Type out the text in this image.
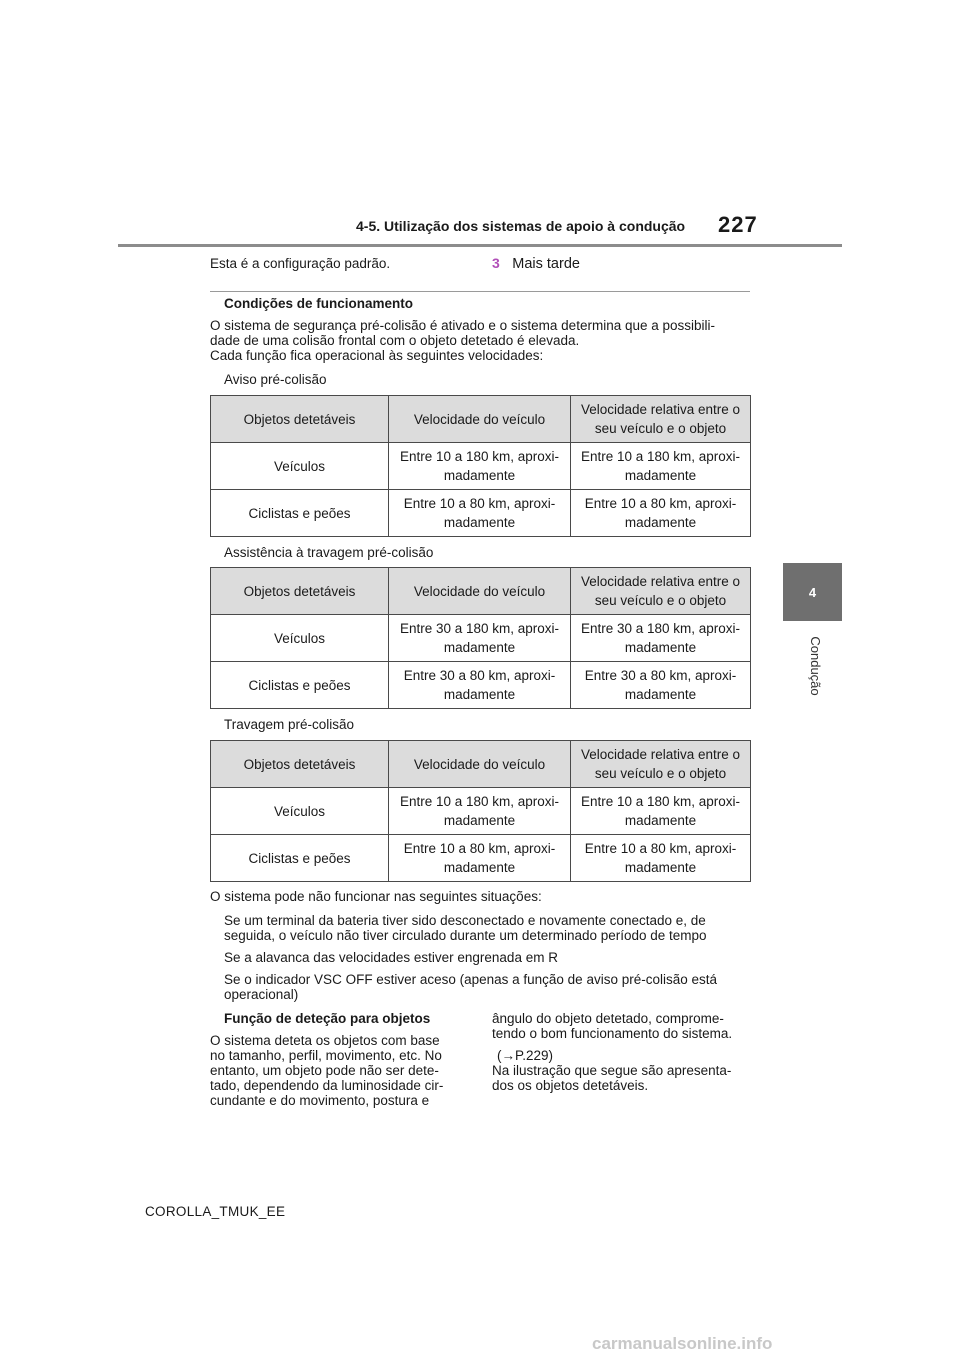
4-5. Utilização dos sistemas de apoio à condução 227
4
Condução
Esta é a configuração padrão.	3 Mais tarde
Condições de funcionamento
O sistema de segurança pré-colisão é ativado e o sistema determina que a possibili-
dade de uma colisão frontal com o objeto detetado é elevada.
Cada função fica operacional às seguintes velocidades:
Aviso pré-colisão
Objetos detetáveis	Velocidade do veículo	Velocidade relativa entre o seu veículo e o objeto
Veículos	Entre 10 a 180 km, aproxi-madamente	Entre 10 a 180 km, aproxi-madamente
Ciclistas e peões	Entre 10 a 80 km, aproxi-madamente	Entre 10 a 80 km, aproxi-madamente
Assistência à travagem pré-colisão
Objetos detetáveis	Velocidade do veículo	Velocidade relativa entre o seu veículo e o objeto
Veículos	Entre 30 a 180 km, aproxi-madamente	Entre 30 a 180 km, aproxi-madamente
Ciclistas e peões	Entre 30 a 80 km, aproxi-madamente	Entre 30 a 80 km, aproxi-madamente
Travagem pré-colisão
Objetos detetáveis	Velocidade do veículo	Velocidade relativa entre o seu veículo e o objeto
Veículos	Entre 10 a 180 km, aproxi-madamente	Entre 10 a 180 km, aproxi-madamente
Ciclistas e peões	Entre 10 a 80 km, aproxi-madamente	Entre 10 a 80 km, aproxi-madamente
O sistema pode não funcionar nas seguintes situações:
Se um terminal da bateria tiver sido desconectado e novamente conectado e, de
seguida, o veículo não tiver circulado durante um determinado período de tempo
Se a alavanca das velocidades estiver engrenada em R
Se o indicador VSC OFF estiver aceso (apenas a função de aviso pré-colisão está
operacional)
Função de deteção para objetos
O sistema deteta os objetos com base
no tamanho, perfil, movimento, etc. No
entanto, um objeto pode não ser dete-
tado, dependendo da luminosidade cir-
cundante e do movimento, postura e
ângulo do objeto detetado, comprome-
tendo o bom funcionamento do sistema.
(→P.229)
Na ilustração que segue são apresenta-
dos os objetos detetáveis.
COROLLA_TMUK_EE
carmanualsonline.info
